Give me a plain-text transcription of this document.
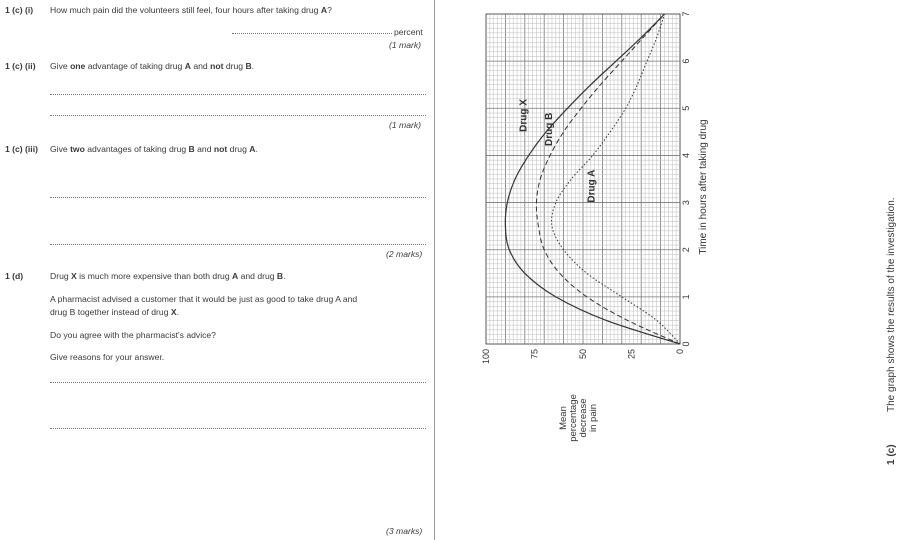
1 (c) (i) How much pain did the volunteers still feel, four hours after taking drug A?
percent
(1 mark)
1 (c) (ii) Give one advantage of taking drug A and not drug B.
(1 mark)
1 (c) (iii) Give two advantages of taking drug B and not drug A.
(2 marks)
1 (d)	Drug X is much more expensive than both drug A and drug B.
A pharmacist advised a customer that it would be just as good to take drug A and
drug B together instead of drug X.
Do you agree with the pharmacist's advice?
Give reasons for your answer.
(3 marks)
1 (c)
The graph shows the results of the investigation.
0
1
2
3
4
5
6
7
0
25
50
75
100
Drug X Drug B
Drug A	Time in hours after taking drug
Mean percentage decrease in pain
